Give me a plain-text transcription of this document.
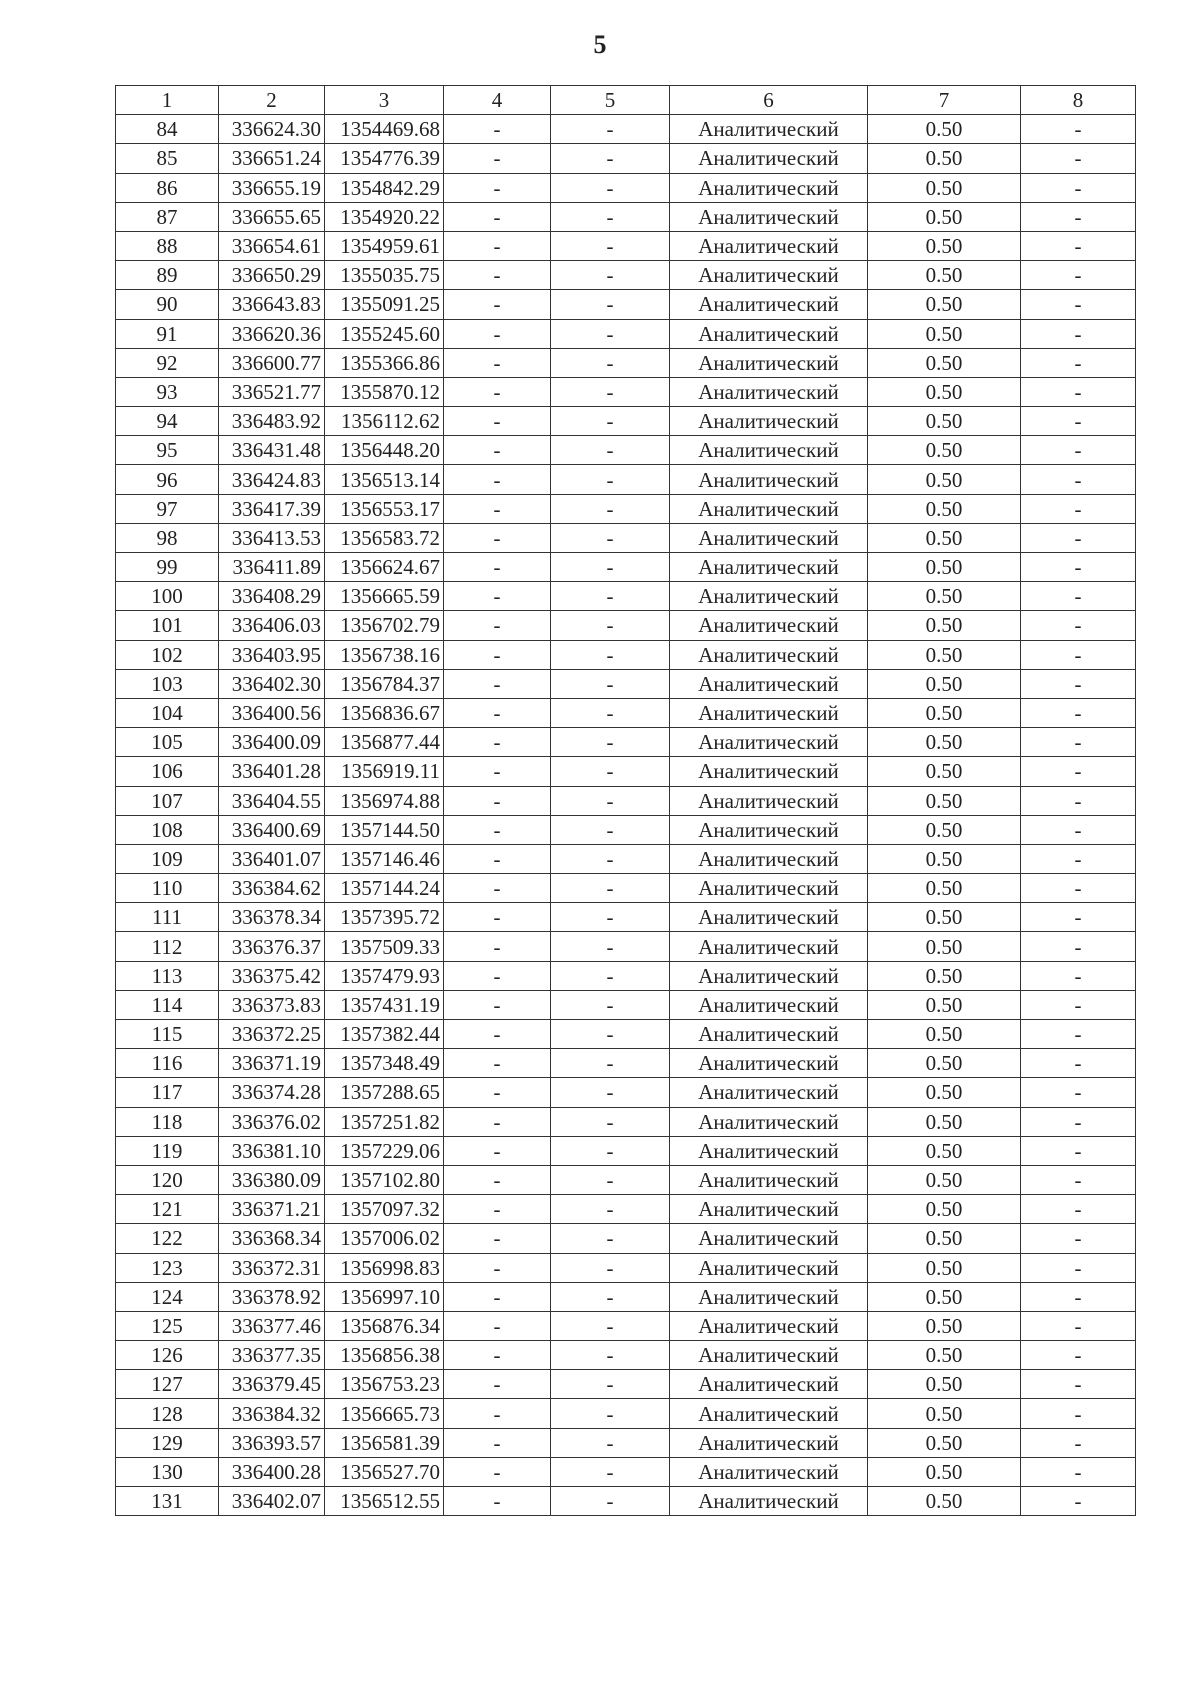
5
1	2	3	4	5	6	7	8
84	336624.30	1354469.68	-	-	Аналитический	0.50	-
85	336651.24	1354776.39	-	-	Аналитический	0.50	-
86	336655.19	1354842.29	-	-	Аналитический	0.50	-
87	336655.65	1354920.22	-	-	Аналитический	0.50	-
88	336654.61	1354959.61	-	-	Аналитический	0.50	-
89	336650.29	1355035.75	-	-	Аналитический	0.50	-
90	336643.83	1355091.25	-	-	Аналитический	0.50	-
91	336620.36	1355245.60	-	-	Аналитический	0.50	-
92	336600.77	1355366.86	-	-	Аналитический	0.50	-
93	336521.77	1355870.12	-	-	Аналитический	0.50	-
94	336483.92	1356112.62	-	-	Аналитический	0.50	-
95	336431.48	1356448.20	-	-	Аналитический	0.50	-
96	336424.83	1356513.14	-	-	Аналитический	0.50	-
97	336417.39	1356553.17	-	-	Аналитический	0.50	-
98	336413.53	1356583.72	-	-	Аналитический	0.50	-
99	336411.89	1356624.67	-	-	Аналитический	0.50	-
100	336408.29	1356665.59	-	-	Аналитический	0.50	-
101	336406.03	1356702.79	-	-	Аналитический	0.50	-
102	336403.95	1356738.16	-	-	Аналитический	0.50	-
103	336402.30	1356784.37	-	-	Аналитический	0.50	-
104	336400.56	1356836.67	-	-	Аналитический	0.50	-
105	336400.09	1356877.44	-	-	Аналитический	0.50	-
106	336401.28	1356919.11	-	-	Аналитический	0.50	-
107	336404.55	1356974.88	-	-	Аналитический	0.50	-
108	336400.69	1357144.50	-	-	Аналитический	0.50	-
109	336401.07	1357146.46	-	-	Аналитический	0.50	-
110	336384.62	1357144.24	-	-	Аналитический	0.50	-
111	336378.34	1357395.72	-	-	Аналитический	0.50	-
112	336376.37	1357509.33	-	-	Аналитический	0.50	-
113	336375.42	1357479.93	-	-	Аналитический	0.50	-
114	336373.83	1357431.19	-	-	Аналитический	0.50	-
115	336372.25	1357382.44	-	-	Аналитический	0.50	-
116	336371.19	1357348.49	-	-	Аналитический	0.50	-
117	336374.28	1357288.65	-	-	Аналитический	0.50	-
118	336376.02	1357251.82	-	-	Аналитический	0.50	-
119	336381.10	1357229.06	-	-	Аналитический	0.50	-
120	336380.09	1357102.80	-	-	Аналитический	0.50	-
121	336371.21	1357097.32	-	-	Аналитический	0.50	-
122	336368.34	1357006.02	-	-	Аналитический	0.50	-
123	336372.31	1356998.83	-	-	Аналитический	0.50	-
124	336378.92	1356997.10	-	-	Аналитический	0.50	-
125	336377.46	1356876.34	-	-	Аналитический	0.50	-
126	336377.35	1356856.38	-	-	Аналитический	0.50	-
127	336379.45	1356753.23	-	-	Аналитический	0.50	-
128	336384.32	1356665.73	-	-	Аналитический	0.50	-
129	336393.57	1356581.39	-	-	Аналитический	0.50	-
130	336400.28	1356527.70	-	-	Аналитический	0.50	-
131	336402.07	1356512.55	-	-	Аналитический	0.50	-
